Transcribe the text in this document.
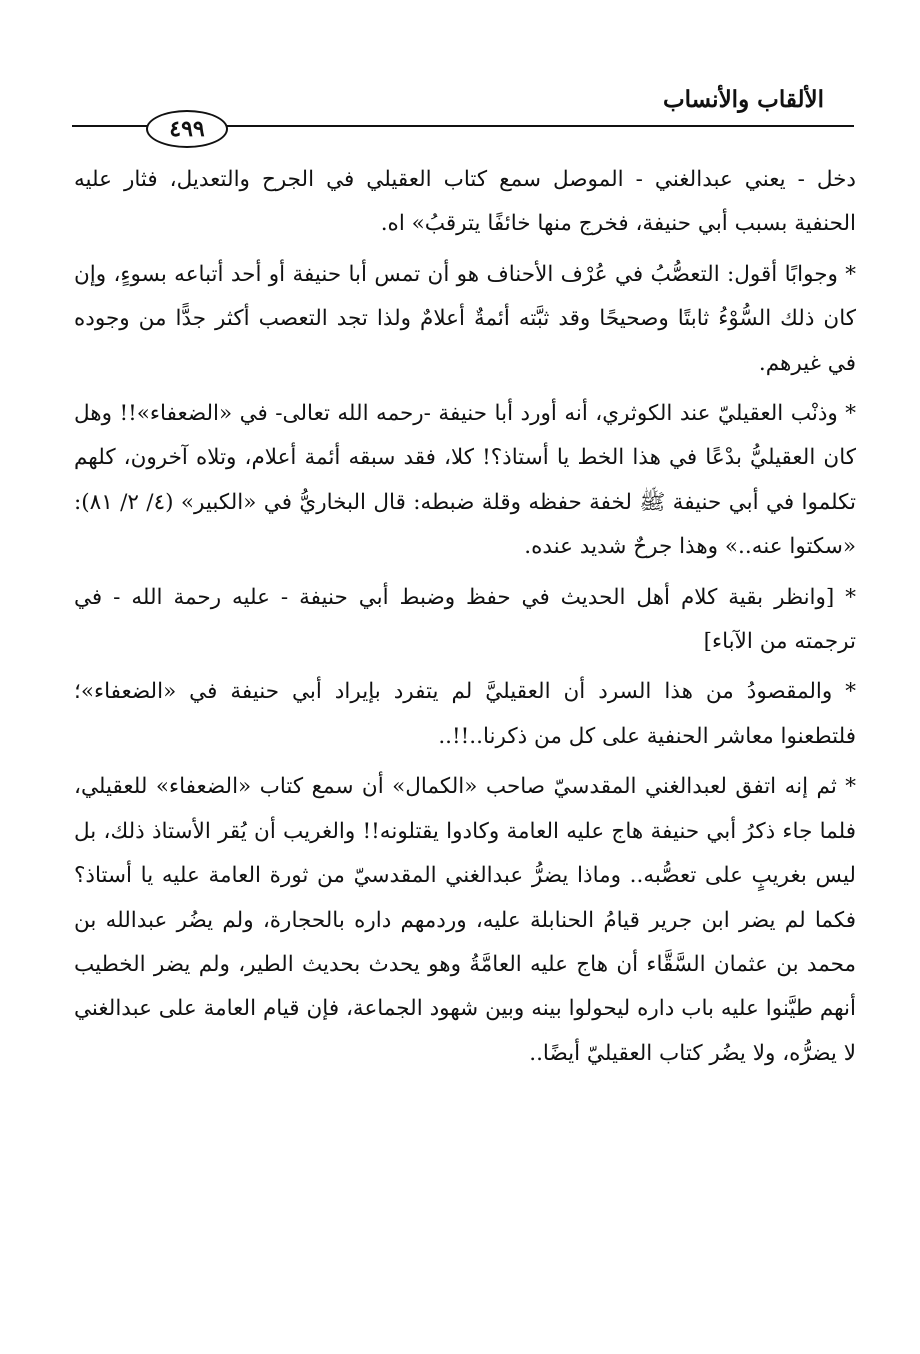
الألقاب والأنساب
٤٩٩

دخل - يعني عبدالغني - الموصل سمع كتاب العقيلي في الجرح والتعديل، فثار عليه الحنفية بسبب أبي حنيفة، فخرج منها خائفًا يترقبُ» اه.

* وجوابًا أقول: التعصُّبُ في عُرْف الأحناف هو أن تمس أبا حنيفة أو أحد أتباعه بسوءٍ، وإن كان ذلك السُّوْءُ ثابتًا وصحيحًا وقد ثبَّته أئمةٌ أعلامٌ ولذا تجد التعصب أكثر جدًّا من وجوده في غيرهم.

* وذنْب العقيليّ عند الكوثري، أنه أورد أبا حنيفة -رحمه الله تعالى- في «الضعفاء»!! وهل كان العقيليُّ بدْعًا في هذا الخط يا أستاذ؟! كلا، فقد سبقه أئمة أعلام، وتلاه آخرون، كلهم تكلموا في أبي حنيفة ﷺ لخفة حفظه وقلة ضبطه: قال البخاريُّ في «الكبير» (٤/ ٢/ ٨١): «سكتوا عنه..» وهذا جرحٌ شديد عنده.

* [وانظر بقية كلام أهل الحديث في حفظ وضبط أبي حنيفة - عليه رحمة الله - في ترجمته من الآباء]

* والمقصودُ من هذا السرد أن العقيليَّ لم يتفرد بإيراد أبي حنيفة في «الضعفاء»؛ فلتطعنوا معاشر الحنفية على كل من ذكرنا..!!..

* ثم إنه اتفق لعبدالغني المقدسيّ صاحب «الكمال» أن سمع كتاب «الضعفاء» للعقيلي، فلما جاء ذكرُ أبي حنيفة هاج عليه العامة وكادوا يقتلونه!! والغريب أن يُقر الأستاذ ذلك، بل ليس بغريبٍ على تعصُّبه.. وماذا يضرُّ عبدالغني المقدسيّ من ثورة العامة عليه يا أستاذ؟ فكما لم يضر ابن جرير قيامُ الحنابلة عليه، وردمهم داره بالحجارة، ولم يضُر عبدالله بن محمد بن عثمان السَّقَّاء أن هاج عليه العامَّةُ وهو يحدث بحديث الطير، ولم يضر الخطيب أنهم طيَّنوا عليه باب داره ليحولوا بينه وبين شهود الجماعة، فإن قيام العامة على عبدالغني لا يضرُّه، ولا يضُر كتاب العقيليّ أيضًا..
